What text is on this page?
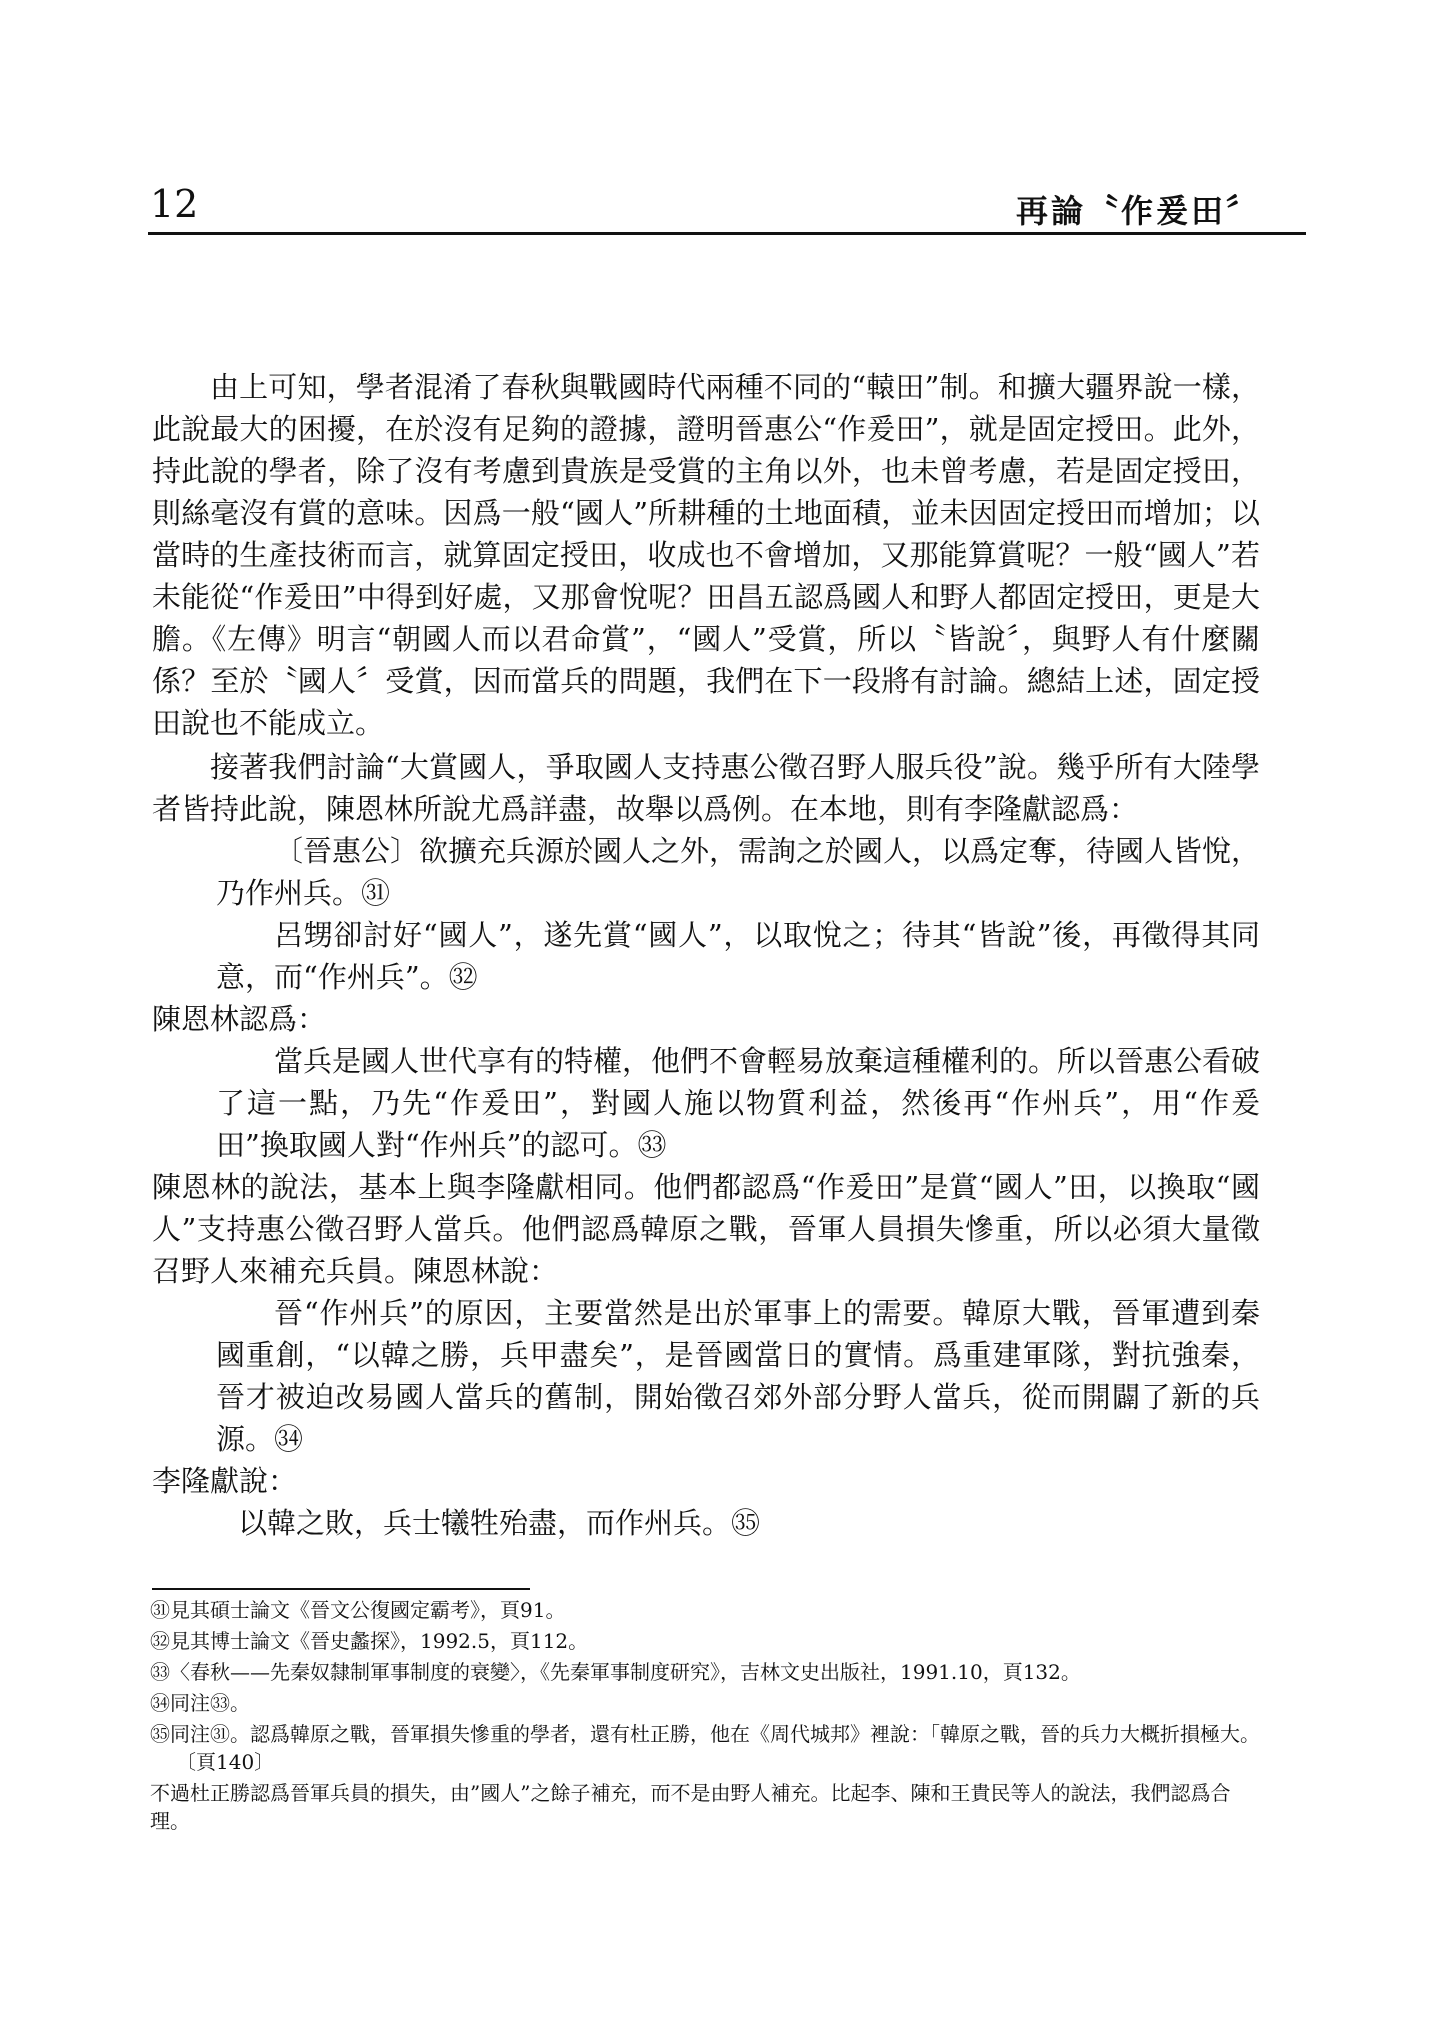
12	再論〝作爰田〞

由上可知，學者混淆了春秋與戰國時代兩種不同的“轅田”制。和擴大疆界說一樣，此說最大的困擾，在於沒有足夠的證據，證明晉惠公“作爰田”，就是固定授田。此外，持此說的學者，除了沒有考慮到貴族是受賞的主角以外，也未曾考慮，若是固定授田，則絲毫沒有賞的意味。因爲一般“國人”所耕種的土地面積，並未因固定授田而增加；以當時的生產技術而言，就算固定授田，收成也不會增加，又那能算賞呢？一般“國人”若未能從“作爰田”中得到好處，又那會悅呢？田昌五認爲國人和野人都固定授田，更是大膽。《左傳》明言“朝國人而以君命賞”，“國人”受賞，所以〝皆說〞，與野人有什麼關係？至於〝國人〞受賞，因而當兵的問題，我們在下一段將有討論。總結上述，固定授田說也不能成立。

接著我們討論“大賞國人，爭取國人支持惠公徵召野人服兵役”說。幾乎所有大陸學者皆持此說，陳恩林所說尤爲詳盡，故舉以爲例。在本地，則有李隆獻認爲：

〔晉惠公〕欲擴充兵源於國人之外，需詢之於國人，以爲定奪，待國人皆悅，乃作州兵。㉛

呂甥卻討好“國人”，遂先賞“國人”，以取悅之；待其“皆說”後，再徵得其同意，而“作州兵”。㉜

陳恩林認爲：

當兵是國人世代享有的特權，他們不會輕易放棄這種權利的。所以晉惠公看破了這一點，乃先“作爰田”，對國人施以物質利益，然後再“作州兵”，用“作爰田”換取國人對“作州兵”的認可。㉝

陳恩林的說法，基本上與李隆獻相同。他們都認爲“作爰田”是賞“國人”田，以換取“國人”支持惠公徵召野人當兵。他們認爲韓原之戰，晉軍人員損失慘重，所以必須大量徵召野人來補充兵員。陳恩林說：

晉“作州兵”的原因，主要當然是出於軍事上的需要。韓原大戰，晉軍遭到秦國重創，“以韓之勝，兵甲盡矣”，是晉國當日的實情。爲重建軍隊，對抗強秦，晉才被迫改易國人當兵的舊制，開始徵召郊外部分野人當兵，從而開闢了新的兵源。㉞

李隆獻說：

以韓之敗，兵士犧牲殆盡，而作州兵。㉟

㉛見其碩士論文《晉文公復國定霸考》，頁91。

㉜見其博士論文《晉史蠡探》，1992.5，頁112。

㉝〈春秋——先秦奴隸制軍事制度的衰變〉，《先秦軍事制度研究》，吉林文史出版社，1991.10，頁132。

㉞同注㉝。

㉟同注㉛。認爲韓原之戰，晉軍損失慘重的學者，還有杜正勝，他在《周代城邦》裡說：「韓原之戰，晉的兵力大概折損極大。〔頁140〕

不過杜正勝認爲晉軍兵員的損失，由”國人”之餘子補充，而不是由野人補充。比起李、陳和王貴民等人的說法，我們認爲合理。
